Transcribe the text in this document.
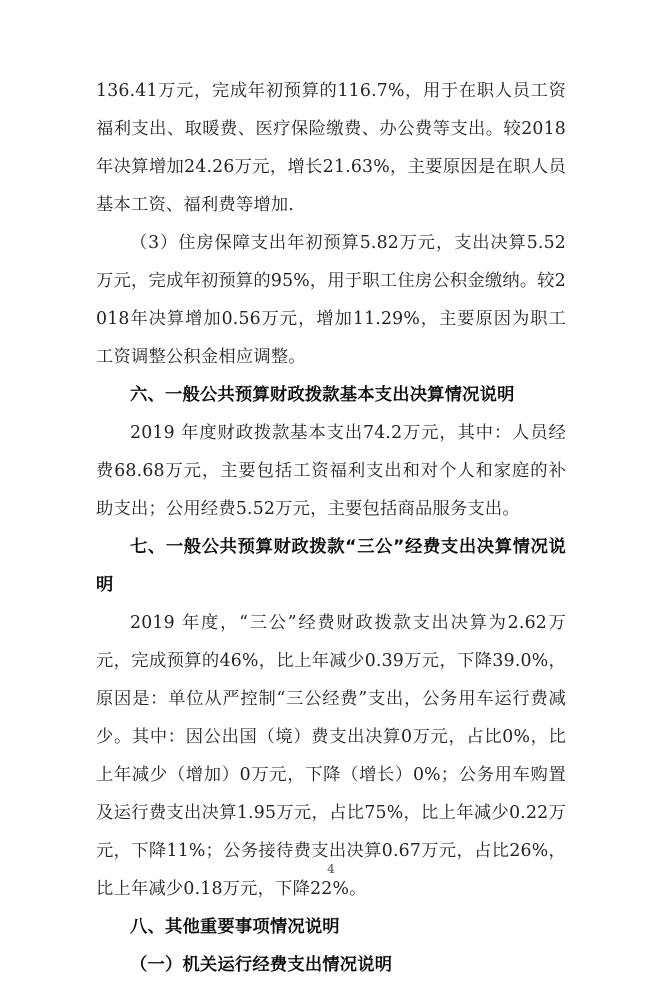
136.41万元，完成年初预算的116.7%，用于在职人员工资福利支出、取暖费、医疗保险缴费、办公费等支出。较2018年决算增加24.26万元，增长21.63%，主要原因是在职人员基本工资、福利费等增加.

（3）住房保障支出年初预算5.82万元，支出决算5.52万元，完成年初预算的95%，用于职工住房公积金缴纳。较2018年决算增加0.56万元，增加11.29%，主要原因为职工工资调整公积金相应调整。

六、一般公共预算财政拨款基本支出决算情况说明

2019 年度财政拨款基本支出74.2万元，其中：人员经费68.68万元，主要包括工资福利支出和对个人和家庭的补助支出；公用经费5.52万元，主要包括商品服务支出。

七、一般公共预算财政拨款“三公”经费支出决算情况说明

2019 年度，“三公”经费财政拨款支出决算为2.62万元，完成预算的46%，比上年减少0.39万元，下降39.0%， 原因是：单位从严控制“三公经费”支出，公务用车运行费减少。其中：因公出国（境）费支出决算0万元，占比0%，比上年减少（增加）0万元，下降（增长）0%；公务用车购置及运行费支出决算1.95万元，占比75%，比上年减少0.22万元，下降11%；公务接待费支出决算0.67万元，占比26%，比上年减少0.18万元，下降22%。

八、其他重要事项情况说明

（一）机关运行经费支出情况说明

4
